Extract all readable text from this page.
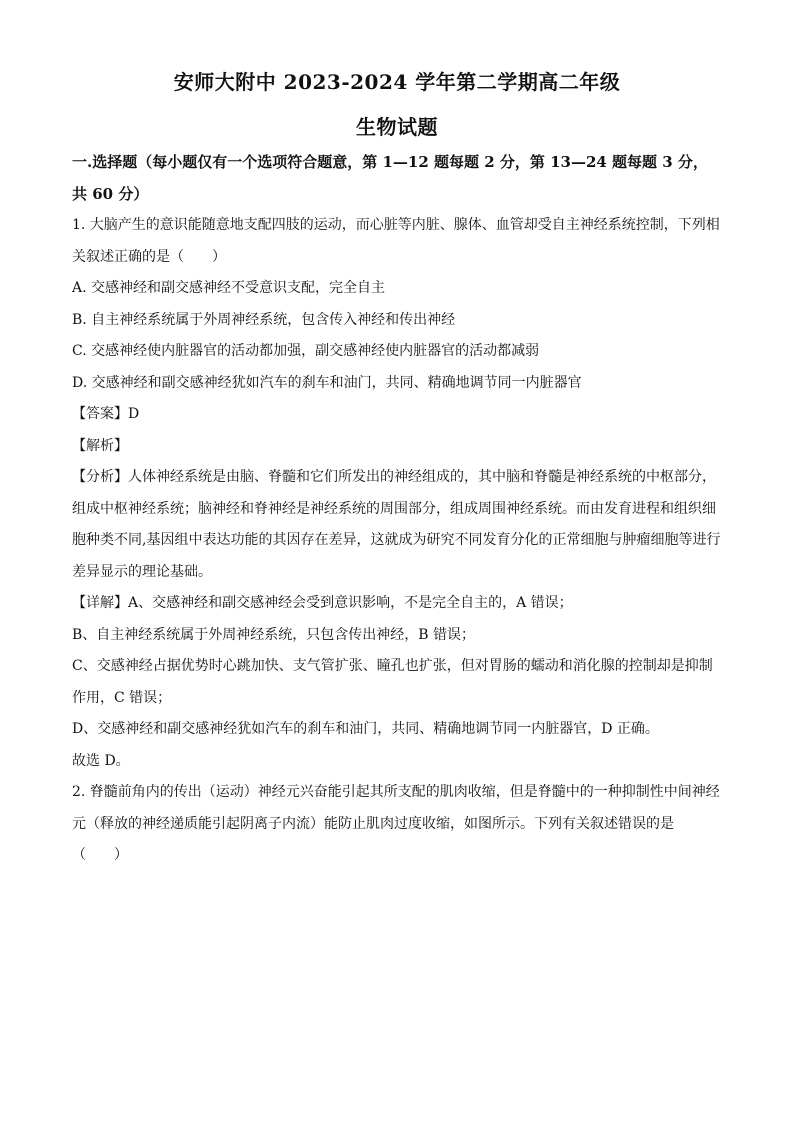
安师大附中 2023-2024 学年第二学期高二年级
生物试题
一.选择题（每小题仅有一个选项符合题意，第 1—12 题每题 2 分，第 13—24 题每题 3 分，
共 60 分）
1. 大脑产生的意识能随意地支配四肢的运动，而心脏等内脏、腺体、血管却受自主神经系统控制，下列相
关叙述正确的是（　　）
A. 交感神经和副交感神经不受意识支配，完全自主
B. 自主神经系统属于外周神经系统，包含传入神经和传出神经
C. 交感神经使内脏器官的活动都加强，副交感神经使内脏器官的活动都减弱
D. 交感神经和副交感神经犹如汽车的刹车和油门，共同、精确地调节同一内脏器官
【答案】D
【解析】
【分析】人体神经系统是由脑、脊髓和它们所发出的神经组成的，其中脑和脊髓是神经系统的中枢部分，
组成中枢神经系统；脑神经和脊神经是神经系统的周围部分，组成周围神经系统。而由发育进程和组织细
胞种类不同,基因组中表达功能的其因存在差异，这就成为研究不同发育分化的正常细胞与肿瘤细胞等进行
差异显示的理论基础。
【详解】A、交感神经和副交感神经会受到意识影响，不是完全自主的，A 错误；
B、自主神经系统属于外周神经系统，只包含传出神经，B 错误；
C、交感神经占据优势时心跳加快、支气管扩张、瞳孔也扩张，但对胃肠的蠕动和消化腺的控制却是抑制
作用，C 错误；
D、交感神经和副交感神经犹如汽车的刹车和油门，共同、精确地调节同一内脏器官，D 正确。
故选 D。
2. 脊髓前角内的传出（运动）神经元兴奋能引起其所支配的肌肉收缩，但是脊髓中的一种抑制性中间神经
元（释放的神经递质能引起阴离子内流）能防止肌肉过度收缩，如图所示。下列有关叙述错误的是
（　　）
